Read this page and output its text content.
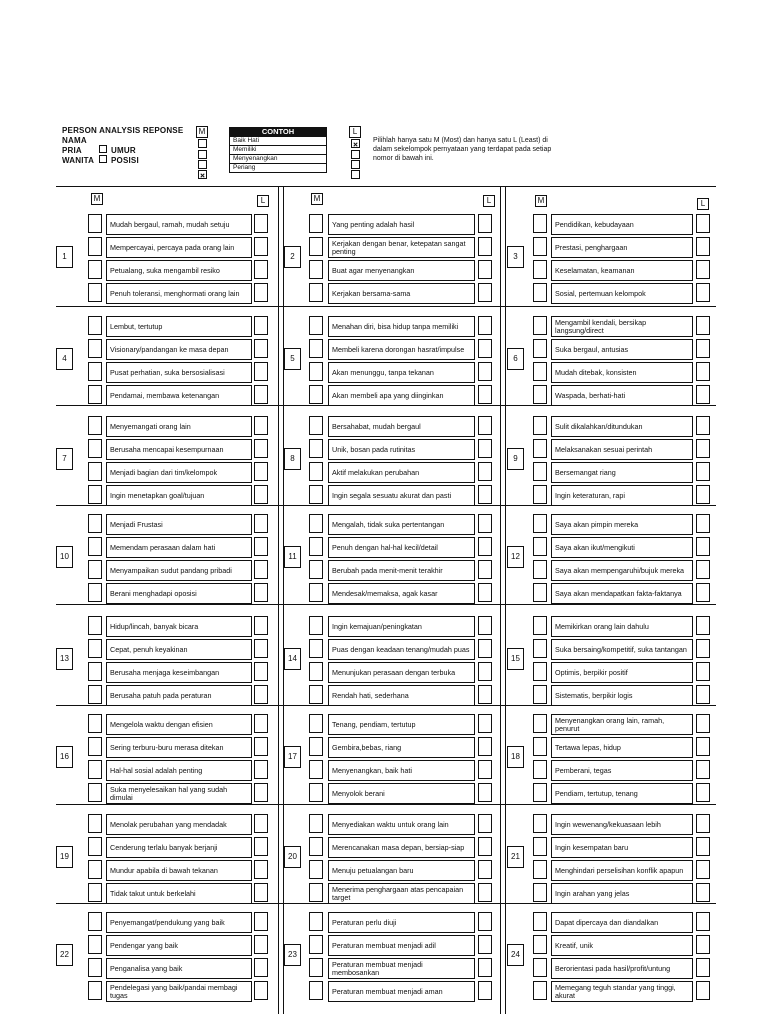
PERSON ANALYSIS REPONSE
NAMA
PRIA
WANITA
UMUR
POSISI
M	CONTOH
Baik Hati
Memiliki
Menyenangkan
Periang
L
Pilihlah hanya satu M (Most) dan hanya satu L (Least) di dalam sekelompok pernyataan yang terdapat pada setiap nomor di bawah ini.
M	L	M	L	M	L
1
Mudah bergaul, ramah, mudah setuju
Mempercayai, percaya pada orang lain
Petualang, suka mengambil resiko
Penuh toleransi, menghormati orang lain
2
Yang penting adalah hasil
Kerjakan dengan benar, ketepatan sangat penting
Buat agar menyenangkan
Kerjakan bersama-sama
3
Pendidikan, kebudayaan
Prestasi, penghargaan
Keselamatan, keamanan
Sosial, pertemuan kelompok
4
Lembut, tertutup
Visionary/pandangan ke masa depan
Pusat perhatian, suka bersosialisasi
Pendamai, membawa ketenangan
5
Menahan diri, bisa hidup tanpa memiliki
Membeli karena dorongan hasrat/impulse
Akan menunggu, tanpa tekanan
Akan membeli apa yang diinginkan
6
Mengambil kendali, bersikap langsung/direct
Suka bergaul, antusias
Mudah ditebak, konsisten
Waspada, berhati-hati
7
Menyemangati orang lain
Berusaha mencapai kesempurnaan
Menjadi bagian dari tim/kelompok
Ingin menetapkan goal/tujuan
8
Bersahabat, mudah bergaul
Unik, bosan pada rutinitas
Aktif melakukan perubahan
Ingin segala sesuatu akurat dan pasti
9
Sulit dikalahkan/ditundukan
Melaksanakan sesuai perintah
Bersemangat riang
Ingin keteraturan, rapi
10
Menjadi Frustasi
Memendam perasaan dalam hati
Menyampaikan sudut pandang pribadi
Berani menghadapi oposisi
11
Mengalah, tidak suka pertentangan
Penuh dengan hal-hal kecil/detail
Berubah pada menit-menit terakhir
Mendesak/memaksa, agak kasar
12
Saya akan pimpin mereka
Saya akan ikut/mengikuti
Saya akan mempengaruhi/bujuk mereka
Saya akan mendapatkan fakta-faktanya
13
Hidup/lincah, banyak bicara
Cepat, penuh keyakinan
Berusaha menjaga keseimbangan
Berusaha patuh pada peraturan
14
Ingin kemajuan/peningkatan
Puas dengan keadaan tenang/mudah puas
Menunjukan perasaan dengan terbuka
Rendah hati, sederhana
15
Memikirkan orang lain dahulu
Suka bersaing/kompetitif, suka tantangan
Optimis, berpikir positif
Sistematis, berpikir logis
16
Mengelola waktu dengan efisien
Sering terburu-buru merasa ditekan
Hal-hal sosial adalah penting
Suka menyelesaikan hal yang sudah dimulai
17
Tenang, pendiam, tertutup
Gembira,bebas, riang
Menyenangkan, baik hati
Menyolok berani
18
Menyenangkan orang lain, ramah, penurut
Tertawa lepas, hidup
Pemberani, tegas
Pendiam, tertutup, tenang
19
Menolak perubahan yang mendadak
Cenderung terlalu banyak berjanji
Mundur apabila di bawah tekanan
Tidak takut untuk berkelahi
20
Menyediakan waktu untuk orang lain
Merencanakan masa depan, bersiap-siap
Menuju petualangan baru
Menerima penghargaan atas pencapaian target
21
Ingin wewenang/kekuasaan lebih
Ingin kesempatan baru
Menghindari perselisihan konflik apapun
Ingin arahan yang jelas
22
Penyemangat/pendukung yang baik
Pendengar yang baik
Penganalisa yang baik
Pendelegasi yang baik/pandai membagi tugas
23
Peraturan perlu diuji
Peraturan membuat menjadi adil
Peraturan membuat menjadi membosankan
Peraturan membuat menjadi aman
24
Dapat dipercaya dan diandalkan
Kreatif, unik
Berorientasi pada hasil/profit/untung
Memegang teguh standar yang tinggi, akurat
